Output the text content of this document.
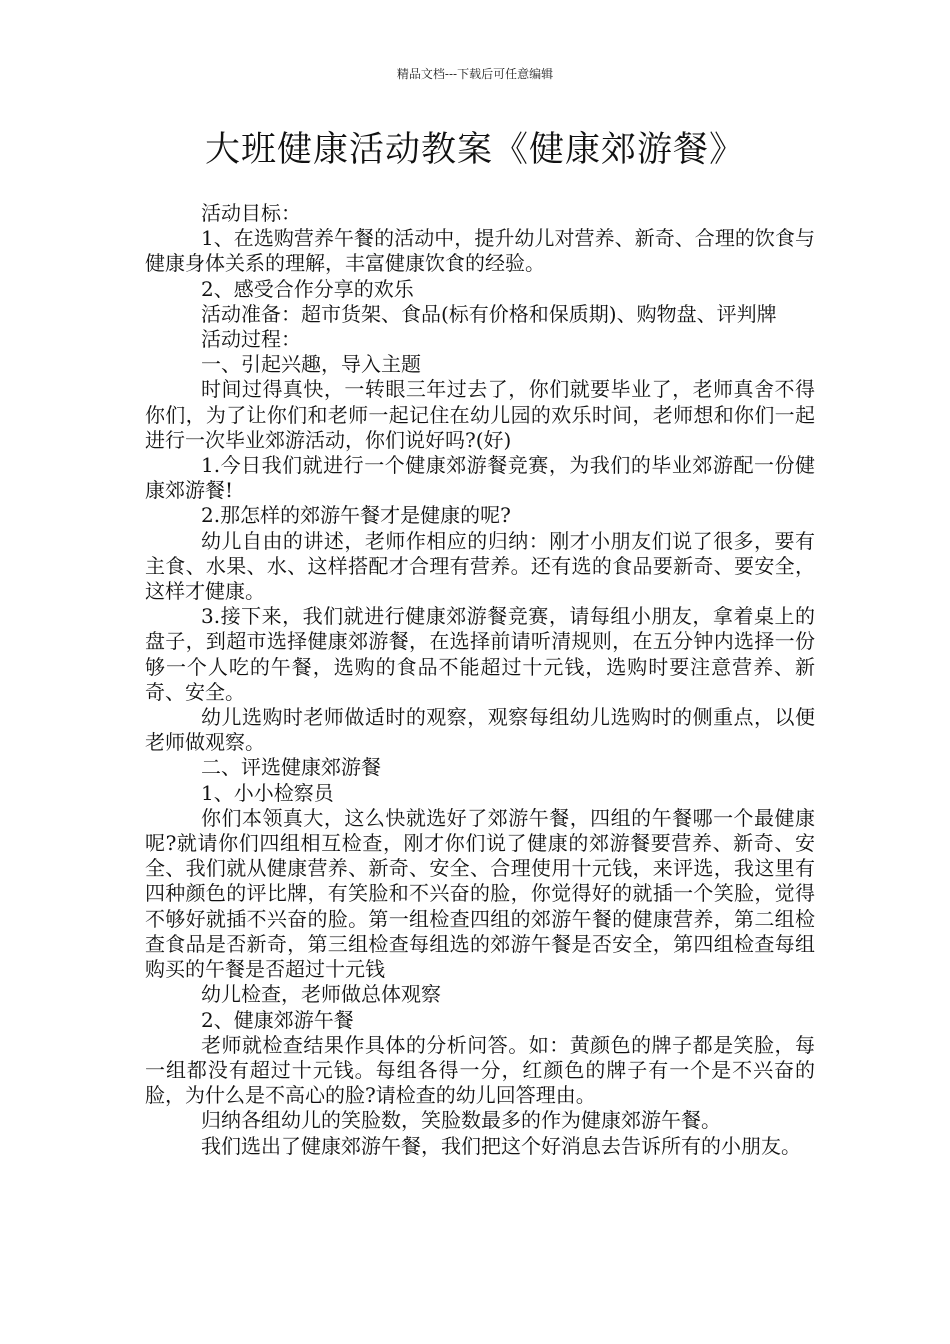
精品文档---下载后可任意编辑
大班健康活动教案《健康郊游餐》

活动目标：

1、在选购营养午餐的活动中，提升幼儿对营养、新奇、合理的饮食与健康身体关系的理解，丰富健康饮食的经验。

2、感受合作分享的欢乐

活动准备：超市货架、食品(标有价格和保质期)、购物盘、评判牌

活动过程：

一、引起兴趣，导入主题

时间过得真快，一转眼三年过去了，你们就要毕业了，老师真舍不得你们，为了让你们和老师一起记住在幼儿园的欢乐时间，老师想和你们一起进行一次毕业郊游活动，你们说好吗?(好)

1.今日我们就进行一个健康郊游餐竞赛，为我们的毕业郊游配一份健康郊游餐!

2.那怎样的郊游午餐才是健康的呢?

幼儿自由的讲述，老师作相应的归纳：刚才小朋友们说了很多，要有主食、水果、水、这样搭配才合理有营养。还有选的食品要新奇、要安全，这样才健康。

3.接下来，我们就进行健康郊游餐竞赛，请每组小朋友，拿着桌上的盘子，到超市选择健康郊游餐，在选择前请听清规则，在五分钟内选择一份够一个人吃的午餐，选购的食品不能超过十元钱，选购时要注意营养、新奇、安全。

幼儿选购时老师做适时的观察，观察每组幼儿选购时的侧重点，以便老师做观察。

二、评选健康郊游餐

1、小小检察员

你们本领真大，这么快就选好了郊游午餐，四组的午餐哪一个最健康呢?就请你们四组相互检查，刚才你们说了健康的郊游餐要营养、新奇、安全、我们就从健康营养、新奇、安全、合理使用十元钱，来评选，我这里有四种颜色的评比牌，有笑脸和不兴奋的脸，你觉得好的就插一个笑脸，觉得不够好就插不兴奋的脸。第一组检查四组的郊游午餐的健康营养，第二组检查食品是否新奇，第三组检查每组选的郊游午餐是否安全，第四组检查每组购买的午餐是否超过十元钱

幼儿检查，老师做总体观察

2、健康郊游午餐

老师就检查结果作具体的分析问答。如：黄颜色的牌子都是笑脸，每一组都没有超过十元钱。每组各得一分，红颜色的牌子有一个是不兴奋的脸，为什么是不高心的脸?请检查的幼儿回答理由。

归纳各组幼儿的笑脸数，笑脸数最多的作为健康郊游午餐。

我们选出了健康郊游午餐，我们把这个好消息去告诉所有的小朋友。
